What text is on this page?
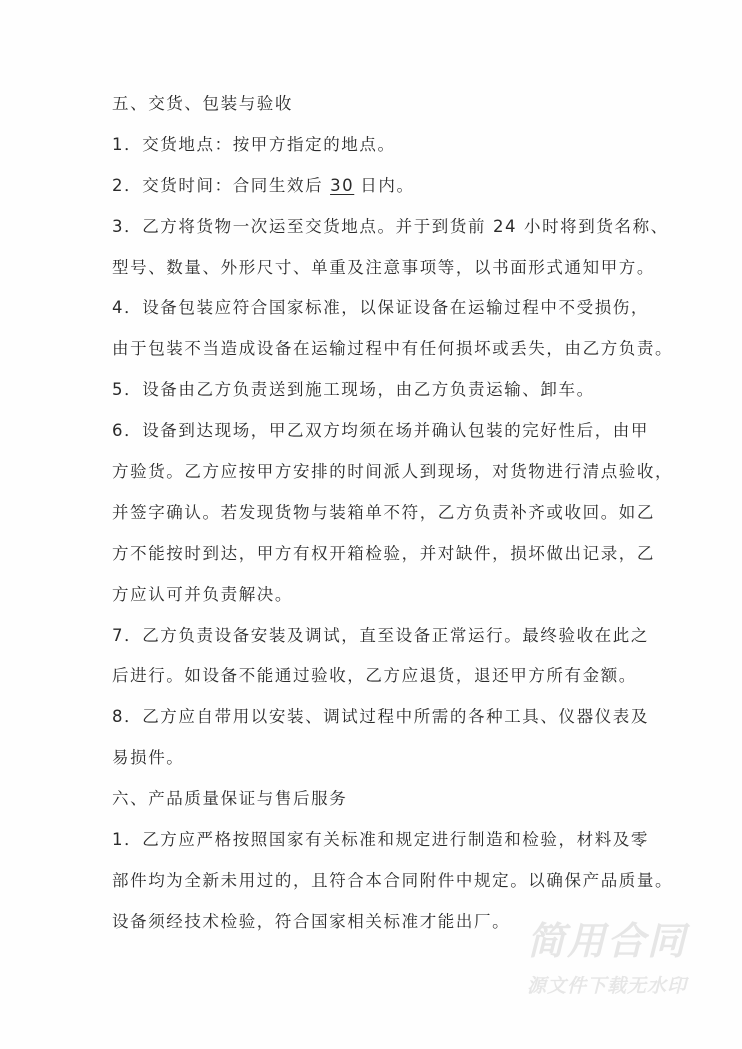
五、交货、包装与验收
1．交货地点：按甲方指定的地点。
2．交货时间：合同生效后 30 日内。
3．乙方将货物一次运至交货地点。并于到货前 24 小时将到货名称、
型号、数量、外形尺寸、单重及注意事项等，以书面形式通知甲方。
4．设备包装应符合国家标准，以保证设备在运输过程中不受损伤，
由于包装不当造成设备在运输过程中有任何损坏或丢失，由乙方负责。
5．设备由乙方负责送到施工现场，由乙方负责运输、卸车。
6．设备到达现场，甲乙双方均须在场并确认包装的完好性后，由甲
方验货。乙方应按甲方安排的时间派人到现场，对货物进行清点验收，
并签字确认。若发现货物与装箱单不符，乙方负责补齐或收回。如乙
方不能按时到达，甲方有权开箱检验，并对缺件，损坏做出记录，乙
方应认可并负责解决。
7．乙方负责设备安装及调试，直至设备正常运行。最终验收在此之
后进行。如设备不能通过验收，乙方应退货，退还甲方所有金额。
8．乙方应自带用以安装、调试过程中所需的各种工具、仪器仪表及
易损件。
六、产品质量保证与售后服务
1．乙方应严格按照国家有关标准和规定进行制造和检验，材料及零
部件均为全新未用过的，且符合本合同附件中规定。以确保产品质量。
设备须经技术检验，符合国家相关标准才能出厂。 简用合同
源文件下载无水印
